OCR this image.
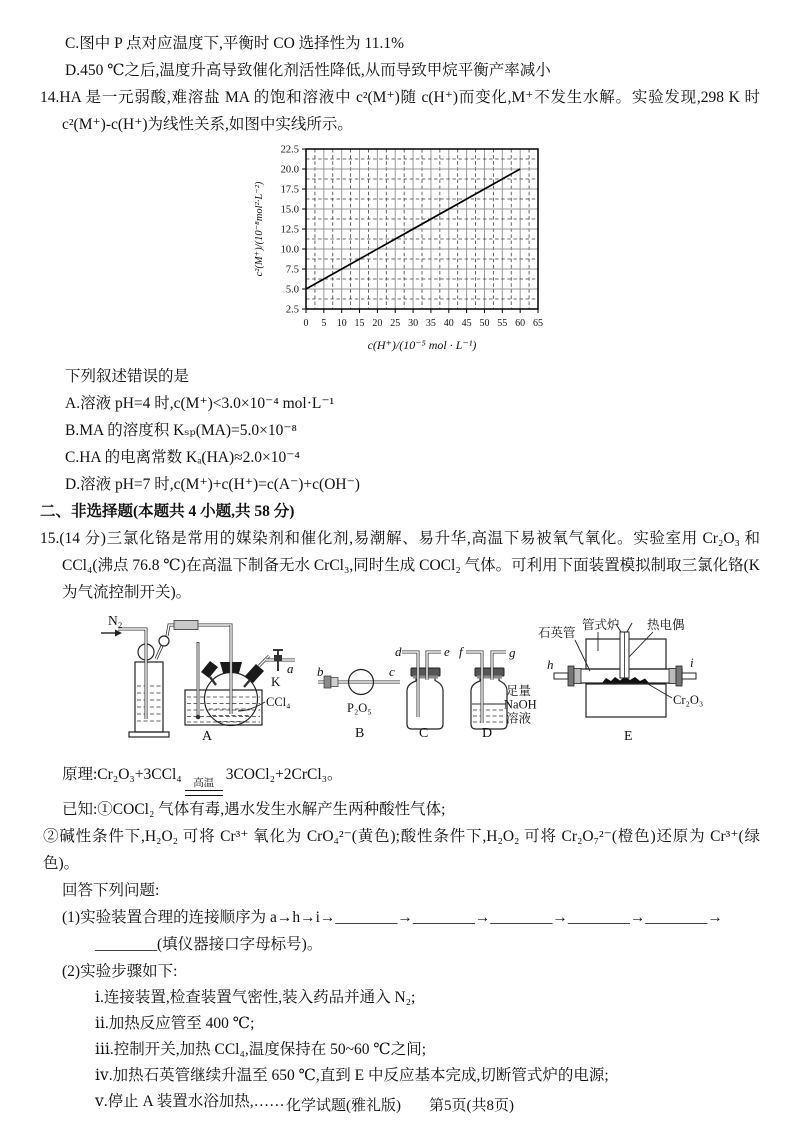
C.图中 P 点对应温度下,平衡时 CO 选择性为 11.1%
D.450 ℃之后,温度升高导致催化剂活性降低,从而导致甲烷平衡产率减小
14.HA 是一元弱酸,难溶盐 MA 的饱和溶液中 c²(M⁺)随 c(H⁺)而变化,M⁺不发生水解。实验发现,298 K 时 c²(M⁺)-c(H⁺)为线性关系,如图中实线所示。
0 5 10 15 20 25 30 35 40 45 50 55 60 65
2.5
5.0
7.5
10.0
12.5
15.0
17.5
20.0
22.5
c(H⁺)/(10⁻⁵ mol · L⁻¹)
c²(M⁺)/(10⁻⁸mol²·L⁻²)
下列叙述错误的是
A.溶液 pH=4 时,c(M⁺)<3.0×10⁻⁴ mol·L⁻¹
B.MA 的溶度积 Kₛₚ(MA)=5.0×10⁻⁸
C.HA 的电离常数 Kₐ(HA)≈2.0×10⁻⁴
D.溶液 pH=7 时,c(M⁺)+c(H⁺)=c(A⁻)+c(OH⁻)
二、非选择题(本题共 4 小题,共 58 分)
15.(14 分)三氯化铬是常用的媒染剂和催化剂,易潮解、易升华,高温下易被氧气氧化。实验室用 Cr₂O₃ 和 CCl₄(沸点 76.8 ℃)在高温下制备无水 CrCl₃,同时生成 COCl₂ 气体。可利用下面装置模拟制取三氯化铬(K 为气流控制开关)。
N₂
K
a
CCl₄
A
b	c
P₂O₅
B
d	e
C
f	g
足量
NaOH
溶液
D
h	i
石英管
管式炉 热电偶
Cr₂O₃
E
原理:Cr₂O₃+3CCl₄
高温
3COCl₂+2CrCl₃。
已知:①COCl₂ 气体有毒,遇水发生水解产生两种酸性气体;
②碱性条件下,H₂O₂ 可将 Cr³⁺ 氧化为 CrO₄²⁻(黄色);酸性条件下,H₂O₂ 可将 Cr₂O₇²⁻(橙色)还原为 Cr³⁺(绿色)。
回答下列问题:
(1)实验装置合理的连接顺序为 a→h→i→________→________→________→________→________→
________(填仪器接口字母标号)。
(2)实验步骤如下:
ⅰ.连接装置,检查装置气密性,装入药品并通入 N₂;
ⅱ.加热反应管至 400 ℃;
ⅲ.控制开关,加热 CCl₄,温度保持在 50~60 ℃之间;
ⅳ.加热石英管继续升温至 650 ℃,直到 E 中反应基本完成,切断管式炉的电源;
ⅴ.停止 A 装置水浴加热,…… 化学试题(雅礼版) 第5页(共8页)
